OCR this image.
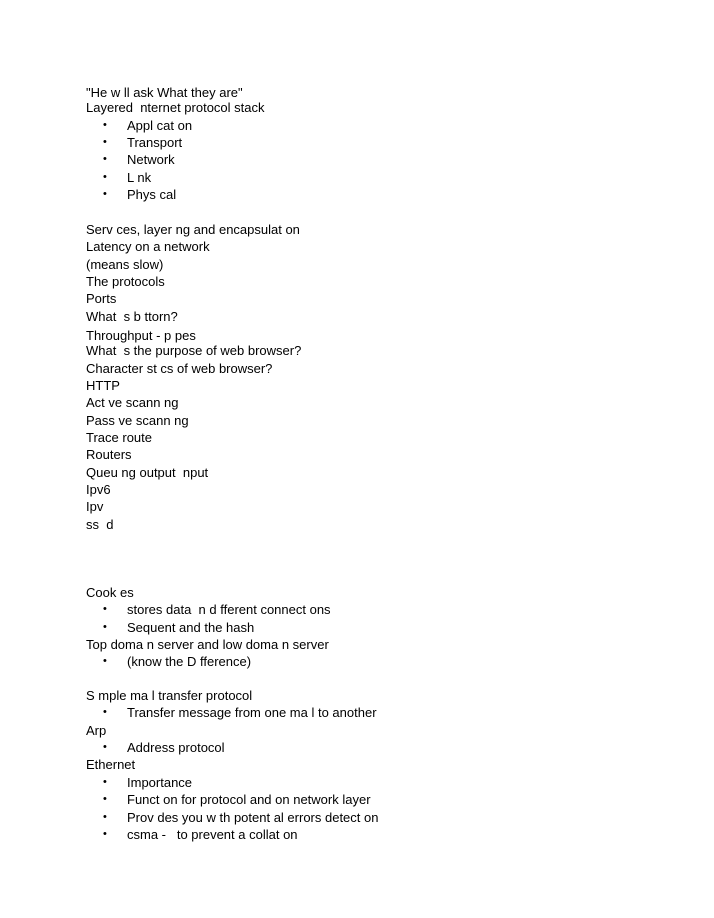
"He w ll ask What they are"
Layered  nternet protocol stack
• Appl cat on
• Transport
• Network
• L nk
• Phys cal
Serv ces, layer ng and encapsulat on
Latency on a network
(means slow)
The protocols
Ports
What  s b ttorn?
Throughput - p pes
What  s the purpose of web browser?
Character st cs of web browser?
HTTP
Act ve scann ng
Pass ve scann ng
Trace route
Routers
Queu ng output  nput
Ipv6
Ipv
ss  d
Cook es
• stores data  n d fferent connect ons
• Sequent and the hash
Top doma n server and low doma n server
• (know the D fference)
S mple ma l transfer protocol
• Transfer message from one ma l to another
Arp
• Address protocol
Ethernet
• Importance
• Funct on for protocol and on network layer
• Prov des you w th potent al errors detect on
• csma -   to prevent a collat on
